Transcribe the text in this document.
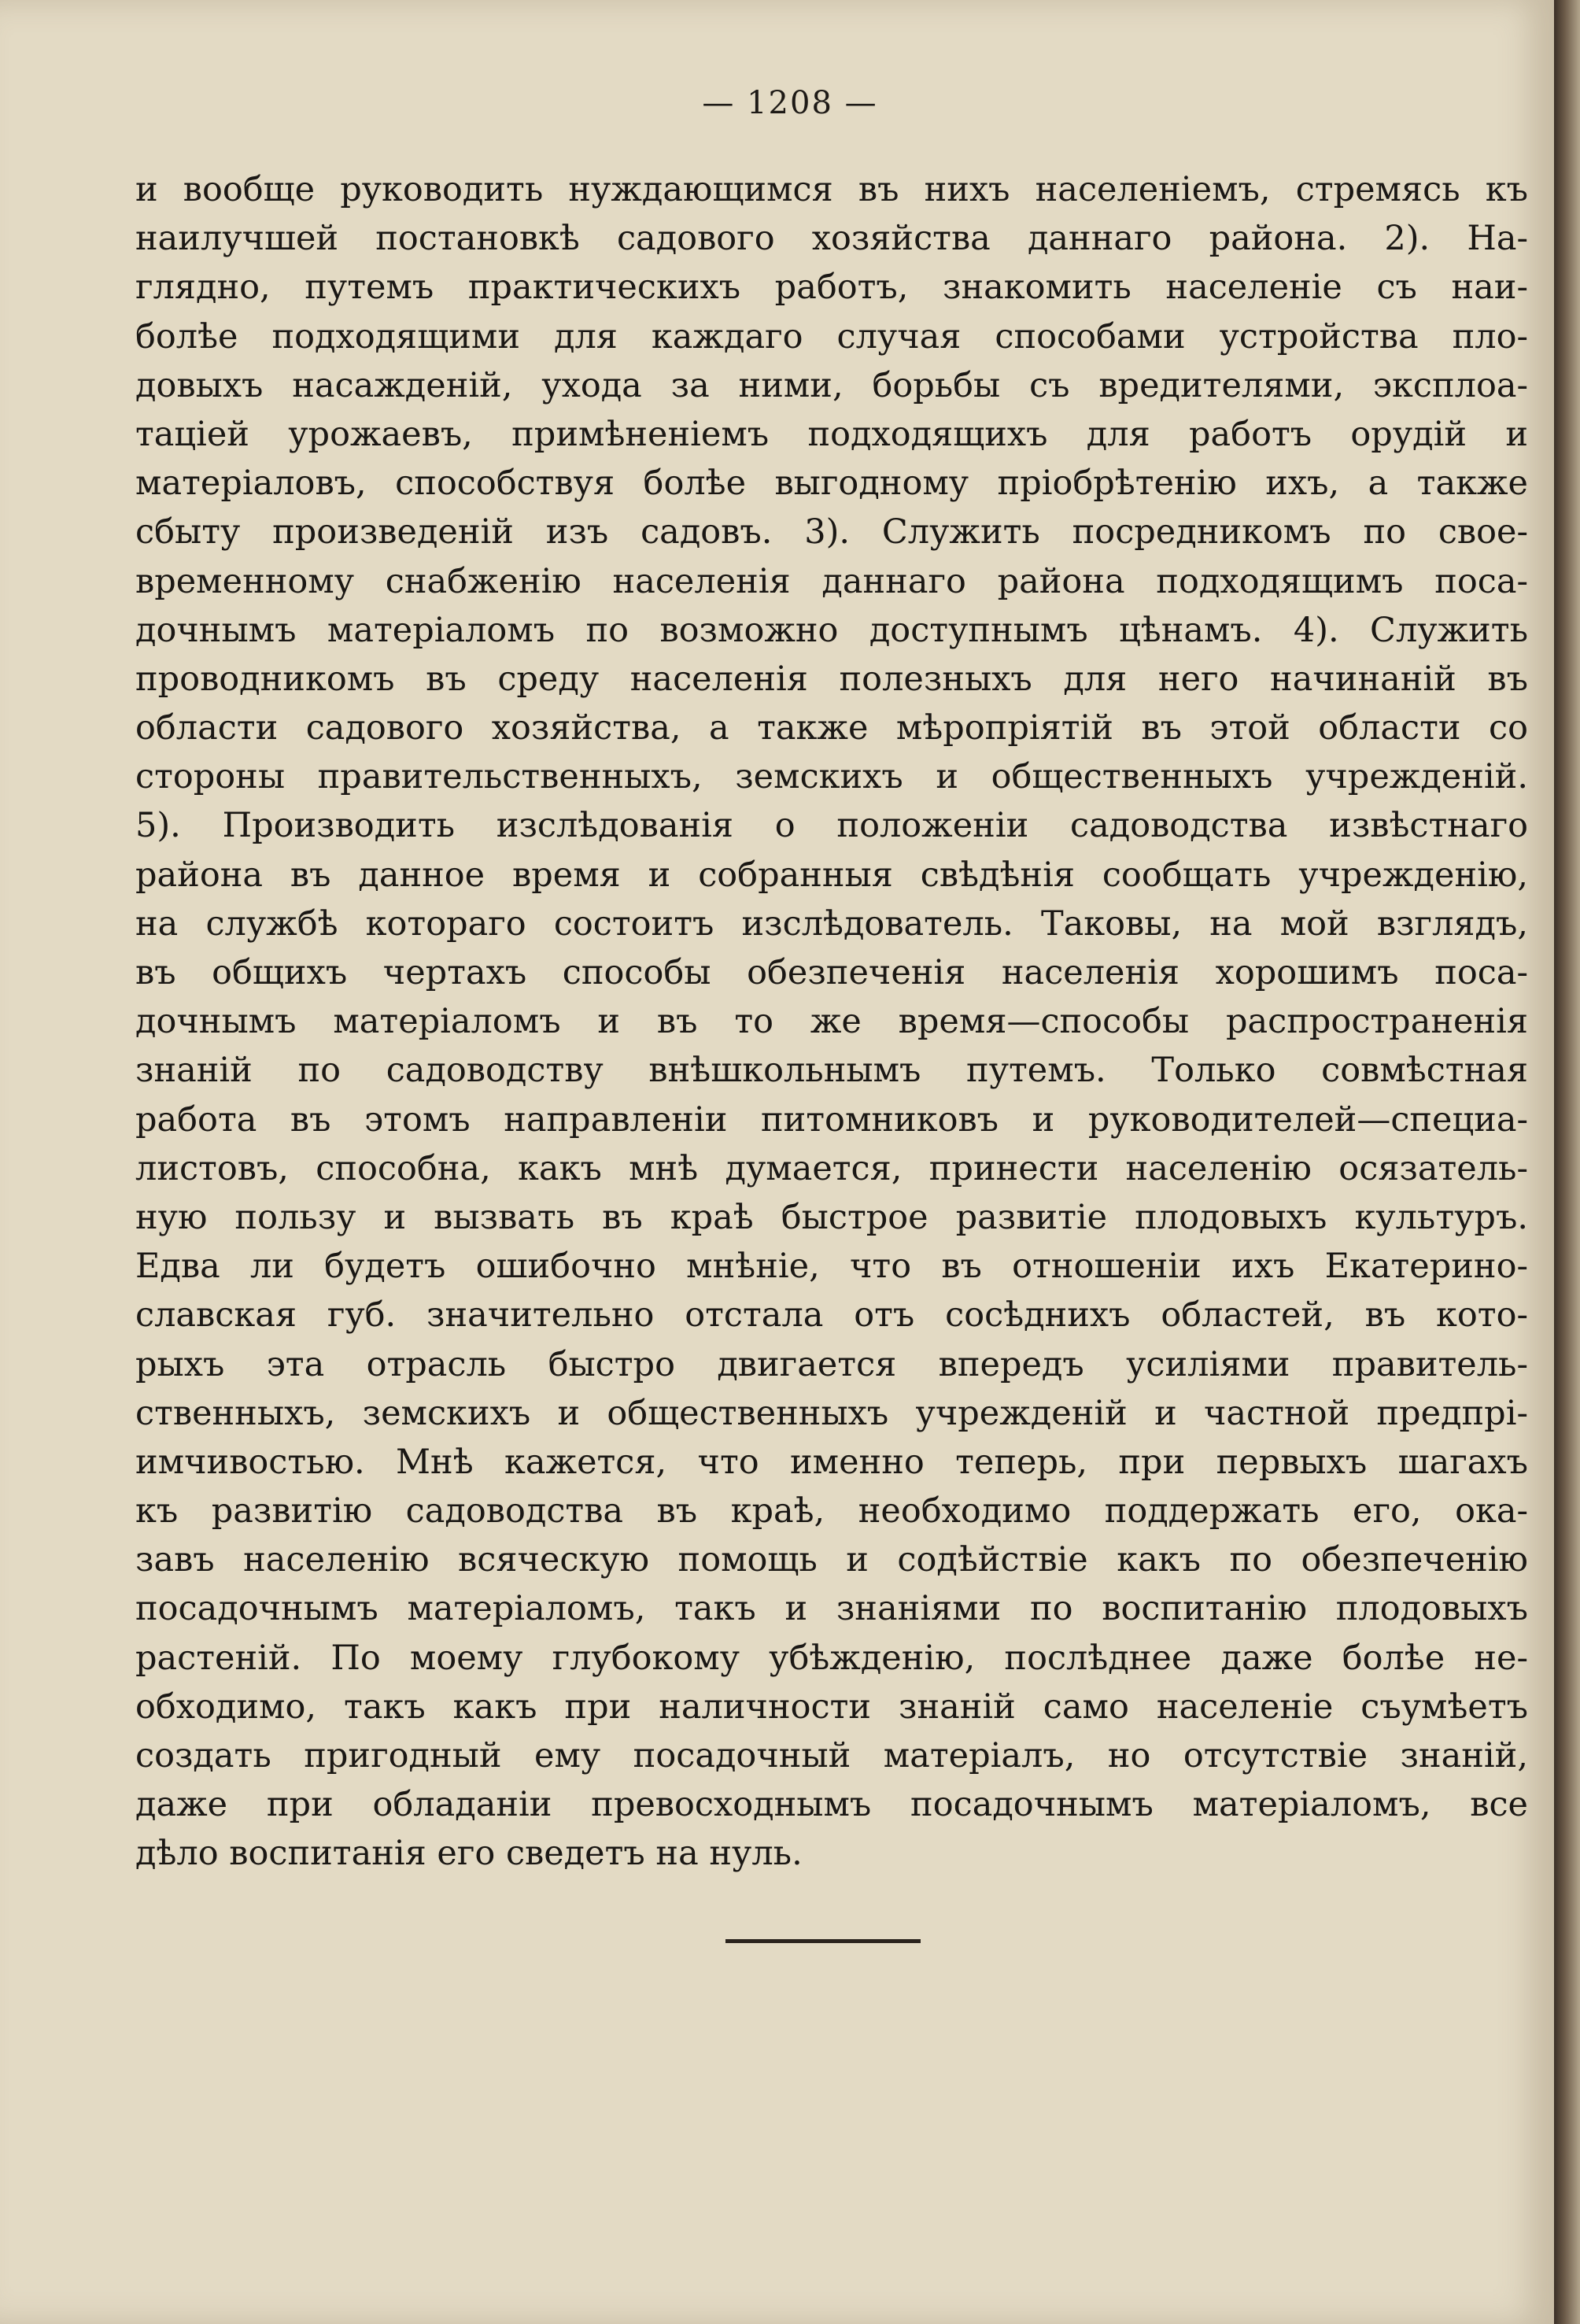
— 1208 —
и вообще руководить нуждающимся въ нихъ населенiемъ, стремясь къ
наилучшей постановкѣ садового хозяйства даннаго района. 2). На-
глядно, путемъ практическихъ работъ, знакомить населенiе съ наи-
болѣе подходящими для каждаго случая способами устройства пло-
довыхъ насажденiй, ухода за ними, борьбы съ вредителями, эксплоа-
тацiей урожаевъ, примѣненiемъ подходящихъ для работъ орудiй и
матерiаловъ, способствуя болѣе выгодному прiобрѣтенiю ихъ, а также
сбыту произведенiй изъ садовъ. 3). Служить посредникомъ по свое-
временному снабженiю населенiя даннаго района подходящимъ поса-
дочнымъ матерiаломъ по возможно доступнымъ цѣнамъ. 4). Служить
проводникомъ въ среду населенiя полезныхъ для него начинанiй въ
области садового хозяйства, а также мѣропрiятiй въ этой области со
стороны правительственныхъ, земскихъ и общественныхъ учрежденiй.
5). Производить изслѣдованiя о положенiи садоводства извѣстнаго
района въ данное время и собранныя свѣдѣнiя сообщать учрежденiю,
на службѣ котораго состоитъ изслѣдователь. Таковы, на мой взглядъ,
въ общихъ чертахъ способы обезпеченiя населенiя хорошимъ поса-
дочнымъ матерiаломъ и въ то же время—способы распространенiя
знанiй по садоводству внѣшкольнымъ путемъ. Только совмѣстная
работа въ этомъ направленiи питомниковъ и руководителей—специа-
листовъ, способна, какъ мнѣ думается, принести населенiю осязатель-
ную пользу и вызвать въ краѣ быстрое развитiе плодовыхъ культуръ.
Едва ли будетъ ошибочно мнѣнiе, что въ отношенiи ихъ Екатерино-
славская губ. значительно отстала отъ сосѣднихъ областей, въ кото-
рыхъ эта отрасль быстро двигается впередъ усилiями правитель-
ственныхъ, земскихъ и общественныхъ учрежденiй и частной предпрi-
имчивостью. Мнѣ кажется, что именно теперь, при первыхъ шагахъ
къ развитiю садоводства въ краѣ, необходимо поддержать его, ока-
завъ населенiю всяческую помощь и содѣйствiе какъ по обезпеченiю
посадочнымъ матерiаломъ, такъ и знанiями по воспитанiю плодовыхъ
растенiй. По моему глубокому убѣжденiю, послѣднее даже болѣе не-
обходимо, такъ какъ при наличности знанiй само населенiе съумѣетъ
создать пригодный ему посадочный матерiалъ, но отсутствiе знанiй,
даже при обладанiи превосходнымъ посадочнымъ матерiаломъ, все
дѣло воспитанiя его сведетъ на нуль.
